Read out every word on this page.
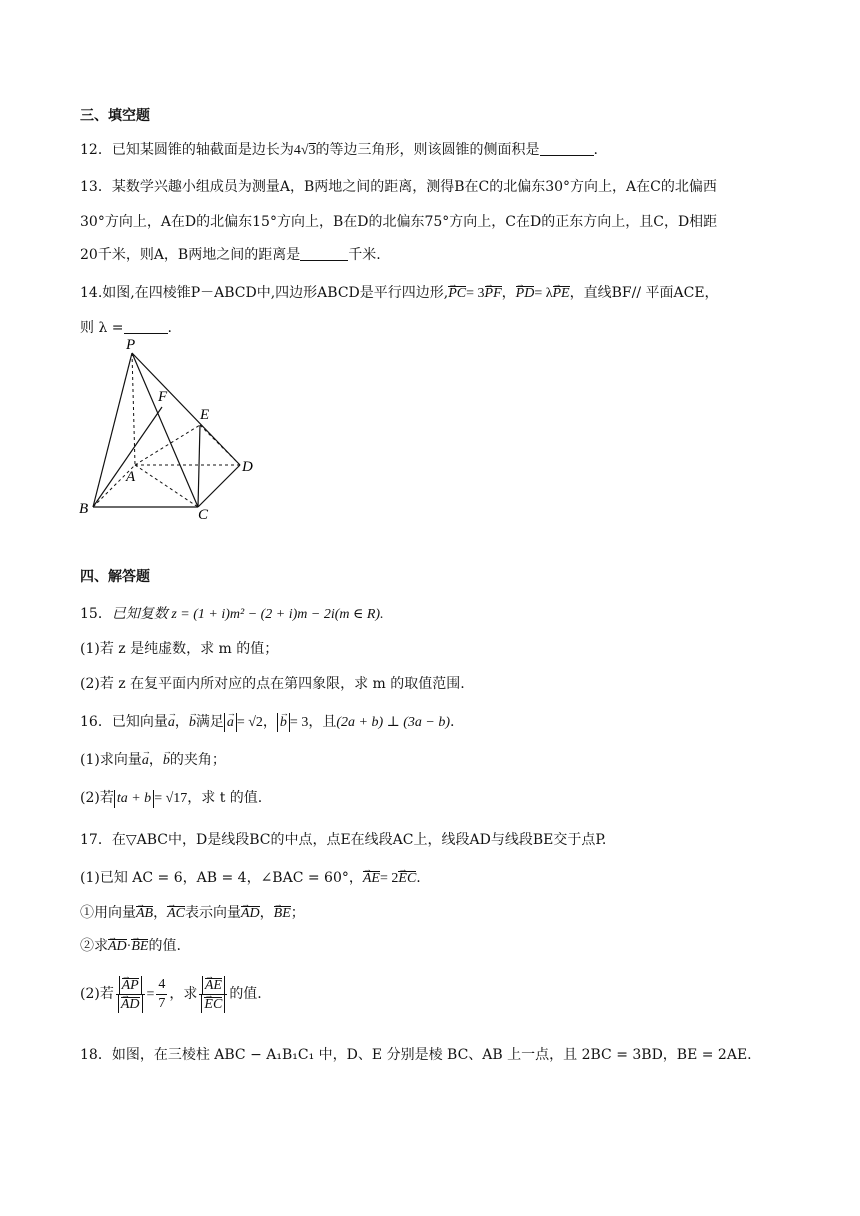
三、填空题
12．已知某圆锥的轴截面是边长为4√3的等边三角形，则该圆锥的侧面积是	.
13．某数学兴趣小组成员为测量A，B两地之间的距离，测得B在C的北偏东30°方向上，A在C的北偏西
30°方向上，A在D的北偏东15°方向上，B在D的北偏东75°方向上，C在D的正东方向上，且C，D相距
20千米，则A，B两地之间的距离是	千米.
14.如图,在四棱锥P－ABCD中,四边形ABCD是平行四边形,→ PC= 3→ PF，→ PD= λ→ PE，直线BF// 平面ACE，
则 λ =	.
P
F
E
D
A
B	C
四、解答题
15．已知复数 z = (1 + i)m² − (2 + i)m − 2i(m ∈ R).
(1)若 z 是纯虚数，求 m 的值；
(2)若 z 在复平面内所对应的点在第四象限，求 m 的取值范围.
16．已知向量→ a，→ b满足 → a = √2， → b = 3，且(2a + b) ⊥ (3a − b).
(1)求向量→ a，→ b的夹角；
(2)若 ta + b = √17，求 t 的值.
17．在▽ABC中，D是线段BC的中点，点E在线段AC上，线段AD与线段BE交于点P.
(1)已知 AC = 6，AB = 4，∠BAC = 60°，→ AE= 2→ EC.
①用向量→ AB，→ AC表示向量→ AD，→ BE；
②求→ AD·→ BE的值.
(2)若 → AP
→ AD = $\frac{4}{7}$ ，求 → AE
→ EC 的值.
18．如图，在三棱柱 ABC − A₁B₁C₁ 中，D、E 分别是棱 BC、AB 上一点，且 2BC = 3BD，BE = 2AE.
